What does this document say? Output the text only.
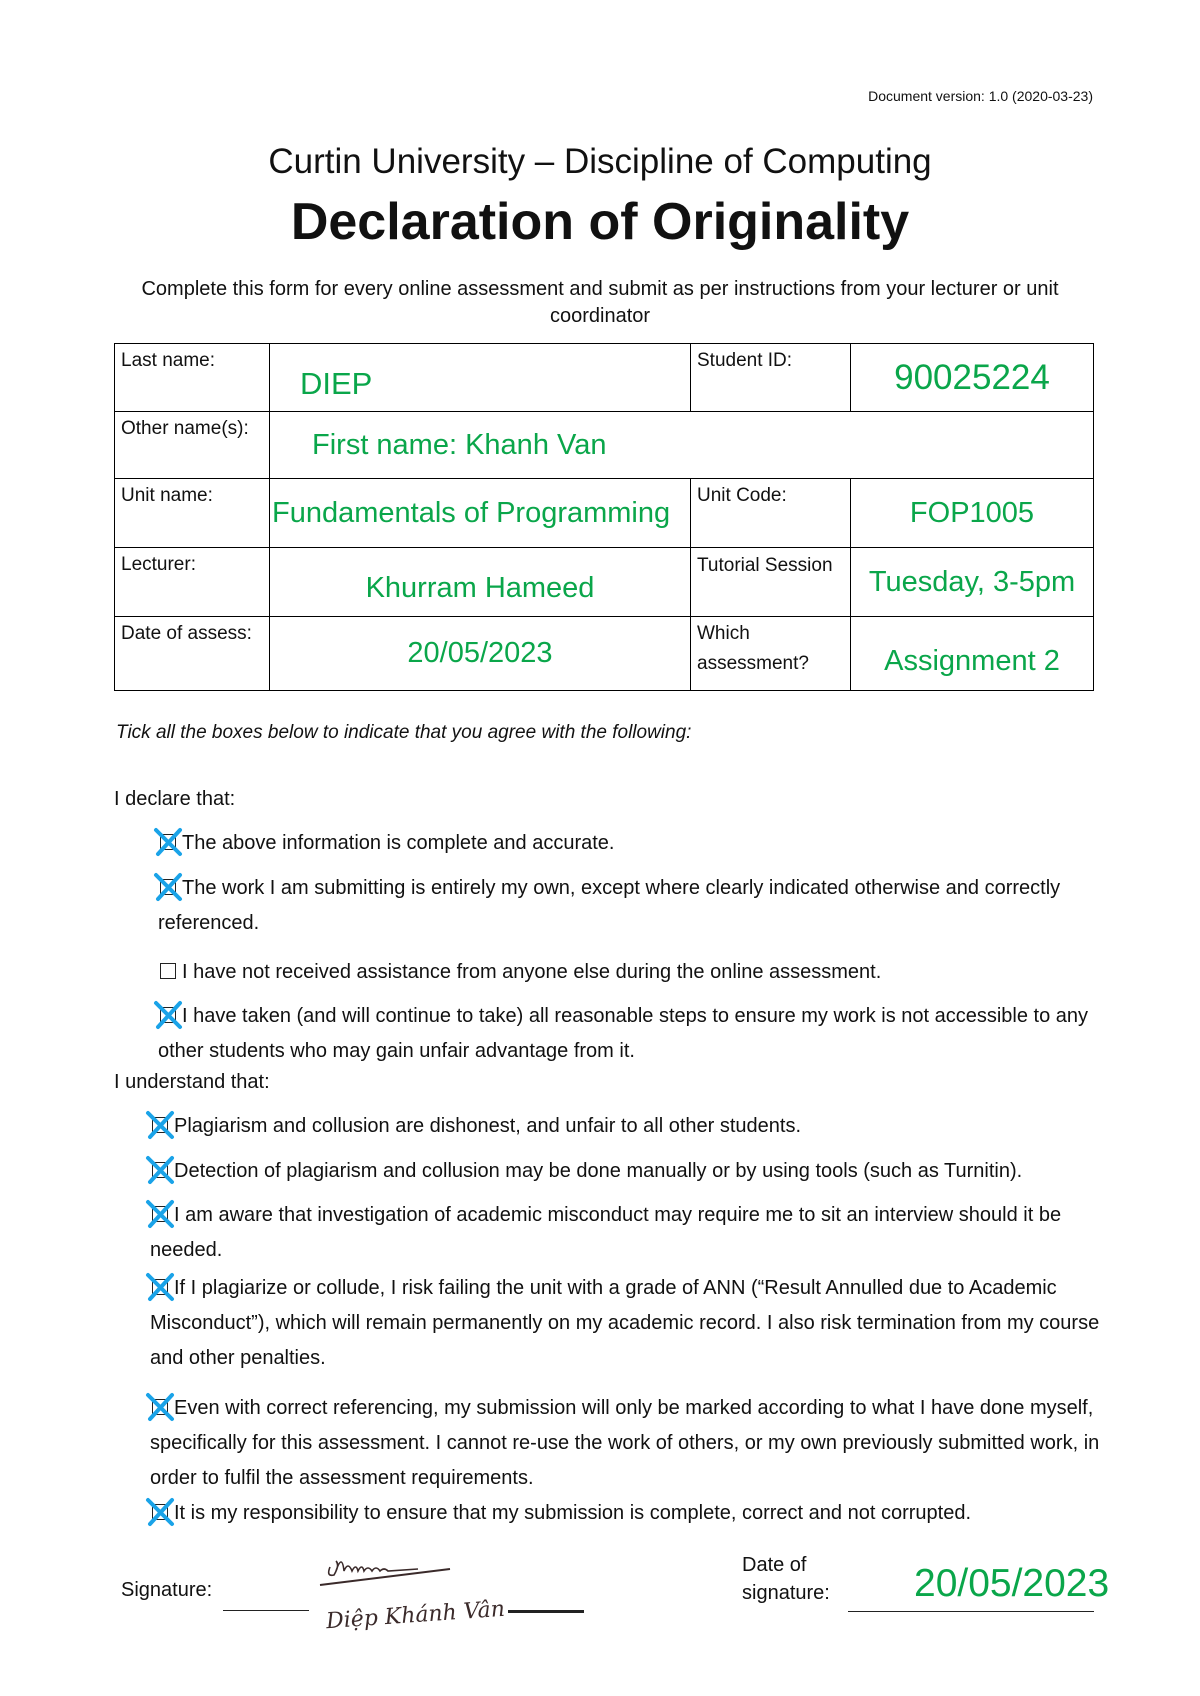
Document version: 1.0 (2020-03-23)
Curtin University – Discipline of Computing
Declaration of Originality
Complete this form for every online assessment and submit as per instructions from your lecturer or unit coordinator
Last name:	DIEP	Student ID:	90025224
Other name(s):	First name: Khanh Van		
Unit name:	Fundamentals of Programming	Unit Code:	FOP1005
Lecturer:	Khurram Hameed	Tutorial Session	Tuesday, 3-5pm
Date of assess:	20/05/2023	Which assessment?	Assignment 2
Tick all the boxes below to indicate that you agree with the following:
I declare that:
The above information is complete and accurate.
The work I am submitting is entirely my own, except where clearly indicated otherwise and correctly referenced.
I have not received assistance from anyone else during the online assessment.
I have taken (and will continue to take) all reasonable steps to ensure my work is not accessible to any other students who may gain unfair advantage from it.
I understand that:
Plagiarism and collusion are dishonest, and unfair to all other students.
Detection of plagiarism and collusion may be done manually or by using tools (such as Turnitin).
I am aware that investigation of academic misconduct may require me to sit an interview should it be needed.
If I plagiarize or collude, I risk failing the unit with a grade of ANN (“Result Annulled due to Academic Misconduct”), which will remain permanently on my academic record. I also risk termination from my course and other penalties.
Even with correct referencing, my submission will only be marked according to what I have done myself, specifically for this assessment. I cannot re-use the work of others, or my own previously submitted work, in order to fulfil the assessment requirements.
It is my responsibility to ensure that my submission is complete, correct and not corrupted.
Signature:
Diệp Khánh Vân
Date of signature:	20/05/2023
